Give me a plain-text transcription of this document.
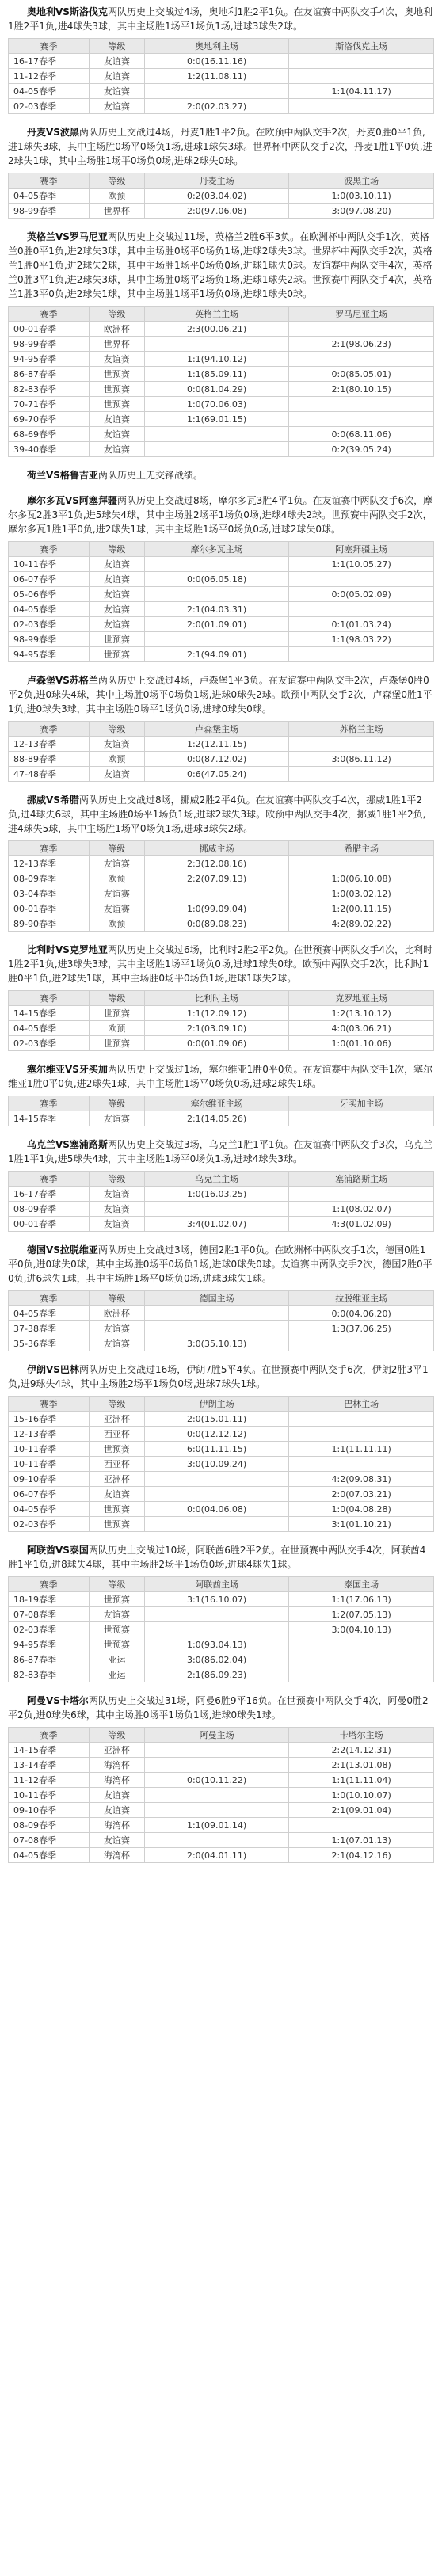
奥地利VS斯洛伐克两队历史上交战过4场，奥地利1胜2平1负。在友谊赛中两队交手4次，奥地利1胜2平1负,进4球失3球，其中主场胜1场平1场负1场,进球3球失2球。

赛季	等级	奥地利主场	斯洛伐克主场
16-17春季	友谊赛	0:0(16.11.16)	
11-12春季	友谊赛	1:2(11.08.11)	
04-05春季	友谊赛		1:1(04.11.17)
02-03春季	友谊赛	2:0(02.03.27)	

丹麦VS波黑两队历史上交战过4场，丹麦1胜1平2负。在欧预中两队交手2次，丹麦0胜0平1负,进1球失3球，其中主场胜0场平0场负1场,进球1球失3球。世界杯中两队交手2次，丹麦1胜1平0负,进2球失1球，其中主场胜1场平0场负0场,进球2球失0球。

赛季	等级	丹麦主场	波黑主场
04-05春季	欧预	0:2(03.04.02)	1:0(03.10.11)
98-99春季	世界杯	2:0(97.06.08)	3:0(97.08.20)

英格兰VS罗马尼亚两队历史上交战过11场，英格兰2胜6平3负。在欧洲杯中两队交手1次，英格兰0胜0平1负,进2球失3球，其中主场胜0场平0场负1场,进球2球失3球。世界杯中两队交手2次，英格兰1胜0平1负,进2球失2球，其中主场胜1场平0场负0场,进球1球失0球。友谊赛中两队交手4次，英格兰0胜3平1负,进2球失3球，其中主场胜0场平2场负1场,进球1球失2球。世预赛中两队交手4次，英格兰1胜3平0负,进2球失1球，其中主场胜1场平1场负0场,进球1球失0球。

赛季	等级	英格兰主场	罗马尼亚主场
00-01春季	欧洲杯	2:3(00.06.21)	
98-99春季	世界杯		2:1(98.06.23)
94-95春季	友谊赛	1:1(94.10.12)	
86-87春季	世预赛	1:1(85.09.11)	0:0(85.05.01)
82-83春季	世预赛	0:0(81.04.29)	2:1(80.10.15)
70-71春季	世预赛	1:0(70.06.03)	
69-70春季	友谊赛	1:1(69.01.15)	
68-69春季	友谊赛		0:0(68.11.06)
39-40春季	友谊赛		0:2(39.05.24)

荷兰VS格鲁吉亚两队历史上无交锋战绩。

摩尔多瓦VS阿塞拜疆两队历史上交战过8场，摩尔多瓦3胜4平1负。在友谊赛中两队交手6次，摩尔多瓦2胜3平1负,进5球失4球，其中主场胜2场平1场负0场,进球4球失2球。世预赛中两队交手2次，摩尔多瓦1胜1平0负,进2球失1球，其中主场胜1场平0场负0场,进球2球失0球。

赛季	等级	摩尔多瓦主场	阿塞拜疆主场
10-11春季	友谊赛		1:1(10.05.27)
06-07春季	友谊赛	0:0(06.05.18)	
05-06春季	友谊赛		0:0(05.02.09)
04-05春季	友谊赛	2:1(04.03.31)	
02-03春季	友谊赛	2:0(01.09.01)	0:1(01.03.24)
98-99春季	世预赛		1:1(98.03.22)
94-95春季	世预赛	2:1(94.09.01)	

卢森堡VS苏格兰两队历史上交战过4场，卢森堡1平3负。在友谊赛中两队交手2次，卢森堡0胜0平2负,进0球失4球，其中主场胜0场平0场负1场,进球0球失2球。欧预中两队交手2次，卢森堡0胜1平1负,进0球失3球，其中主场胜0场平1场负0场,进球0球失0球。

赛季	等级	卢森堡主场	苏格兰主场
12-13春季	友谊赛	1:2(12.11.15)	
88-89春季	欧预	0:0(87.12.02)	3:0(86.11.12)
47-48春季	友谊赛	0:6(47.05.24)	

挪威VS希腊两队历史上交战过8场，挪威2胜2平4负。在友谊赛中两队交手4次，挪威1胜1平2负,进4球失6球，其中主场胜0场平1场负1场,进球2球失3球。欧预中两队交手4次，挪威1胜1平2负,进4球失5球，其中主场胜1场平0场负1场,进球3球失2球。

赛季	等级	挪威主场	希腊主场
12-13春季	友谊赛	2:3(12.08.16)	
08-09春季	欧预	2:2(07.09.13)	1:0(06.10.08)
03-04春季	友谊赛		1:0(03.02.12)
00-01春季	友谊赛	1:0(99.09.04)	1:2(00.11.15)
89-90春季	欧预	0:0(89.08.23)	4:2(89.02.22)

比利时VS克罗地亚两队历史上交战过6场，比利时2胜2平2负。在世预赛中两队交手4次，比利时1胜2平1负,进3球失3球，其中主场胜1场平1场负0场,进球1球失0球。欧预中两队交手2次，比利时1胜0平1负,进2球失1球，其中主场胜0场平0场负1场,进球1球失2球。

赛季	等级	比利时主场	克罗地亚主场
14-15春季	世预赛	1:1(12.09.12)	1:2(13.10.12)
04-05春季	欧预	2:1(03.09.10)	4:0(03.06.21)
02-03春季	世预赛	0:0(01.09.06)	1:0(01.10.06)

塞尔维亚VS牙买加两队历史上交战过1场，塞尔维亚1胜0平0负。在友谊赛中两队交手1次，塞尔维亚1胜0平0负,进2球失1球，其中主场胜1场平0场负0场,进球2球失1球。

赛季	等级	塞尔维亚主场	牙买加主场
14-15春季	友谊赛	2:1(14.05.26)	

乌克兰VS塞浦路斯两队历史上交战过3场，乌克兰1胜1平1负。在友谊赛中两队交手3次，乌克兰1胜1平1负,进5球失4球，其中主场胜1场平0场负1场,进球4球失3球。

赛季	等级	乌克兰主场	塞浦路斯主场
16-17春季	友谊赛	1:0(16.03.25)	
08-09春季	友谊赛		1:1(08.02.07)
00-01春季	友谊赛	3:4(01.02.07)	4:3(01.02.09)

德国VS拉脱维亚两队历史上交战过3场，德国2胜1平0负。在欧洲杯中两队交手1次，德国0胜1平0负,进0球失0球，其中主场胜0场平0场负1场,进球0球失0球。友谊赛中两队交手2次，德国2胜0平0负,进6球失1球，其中主场胜1场平0场负0场,进球3球失1球。

赛季	等级	德国主场	拉脱维亚主场
04-05春季	欧洲杯		0:0(04.06.20)
37-38春季	友谊赛		1:3(37.06.25)
35-36春季	友谊赛	3:0(35.10.13)	

伊朗VS巴林两队历史上交战过16场，伊朗7胜5平4负。在世预赛中两队交手6次，伊朗2胜3平1负,进9球失4球，其中主场胜2场平1场负0场,进球7球失1球。

赛季	等级	伊朗主场	巴林主场
15-16春季	亚洲杯	2:0(15.01.11)	
12-13春季	西亚杯	0:0(12.12.12)	
10-11春季	世预赛	6:0(11.11.15)	1:1(11.11.11)
10-11春季	西亚杯	3:0(10.09.24)	
09-10春季	亚洲杯		4:2(09.08.31)
06-07春季	友谊赛		2:0(07.03.21)
04-05春季	世预赛	0:0(04.06.08)	1:0(04.08.28)
02-03春季	世预赛		3:1(01.10.21)

阿联酋VS泰国两队历史上交战过10场，阿联酋6胜2平2负。在世预赛中两队交手4次，阿联酋4胜1平1负,进8球失4球，其中主场胜2场平1场负0场,进球4球失1球。

赛季	等级	阿联酋主场	泰国主场
18-19春季	世预赛	3:1(16.10.07)	1:1(17.06.13)
07-08春季	友谊赛		1:2(07.05.13)
02-03春季	世预赛		3:0(04.10.13)
94-95春季	世预赛	1:0(93.04.13)	
86-87春季	亚运	3:0(86.02.04)	
82-83春季	亚运	2:1(86.09.23)	

阿曼VS卡塔尔两队历史上交战过31场，阿曼6胜9平16负。在世预赛中两队交手4次，阿曼0胜2平2负,进0球失6球，其中主场胜0场平1场负1场,进球0球失1球。

赛季	等级	阿曼主场	卡塔尔主场
14-15春季	亚洲杯		2:2(14.12.31)
13-14春季	海湾杯		2:1(13.01.08)
11-12春季	海湾杯	0:0(10.11.22)	1:1(11.11.04)
10-11春季	友谊赛		1:0(10.10.07)
09-10春季	友谊赛		2:1(09.01.04)
08-09春季	海湾杯	1:1(09.01.14)	
07-08春季	友谊赛		1:1(07.01.13)
04-05春季	海湾杯	2:0(04.01.11)	2:1(04.12.16)
